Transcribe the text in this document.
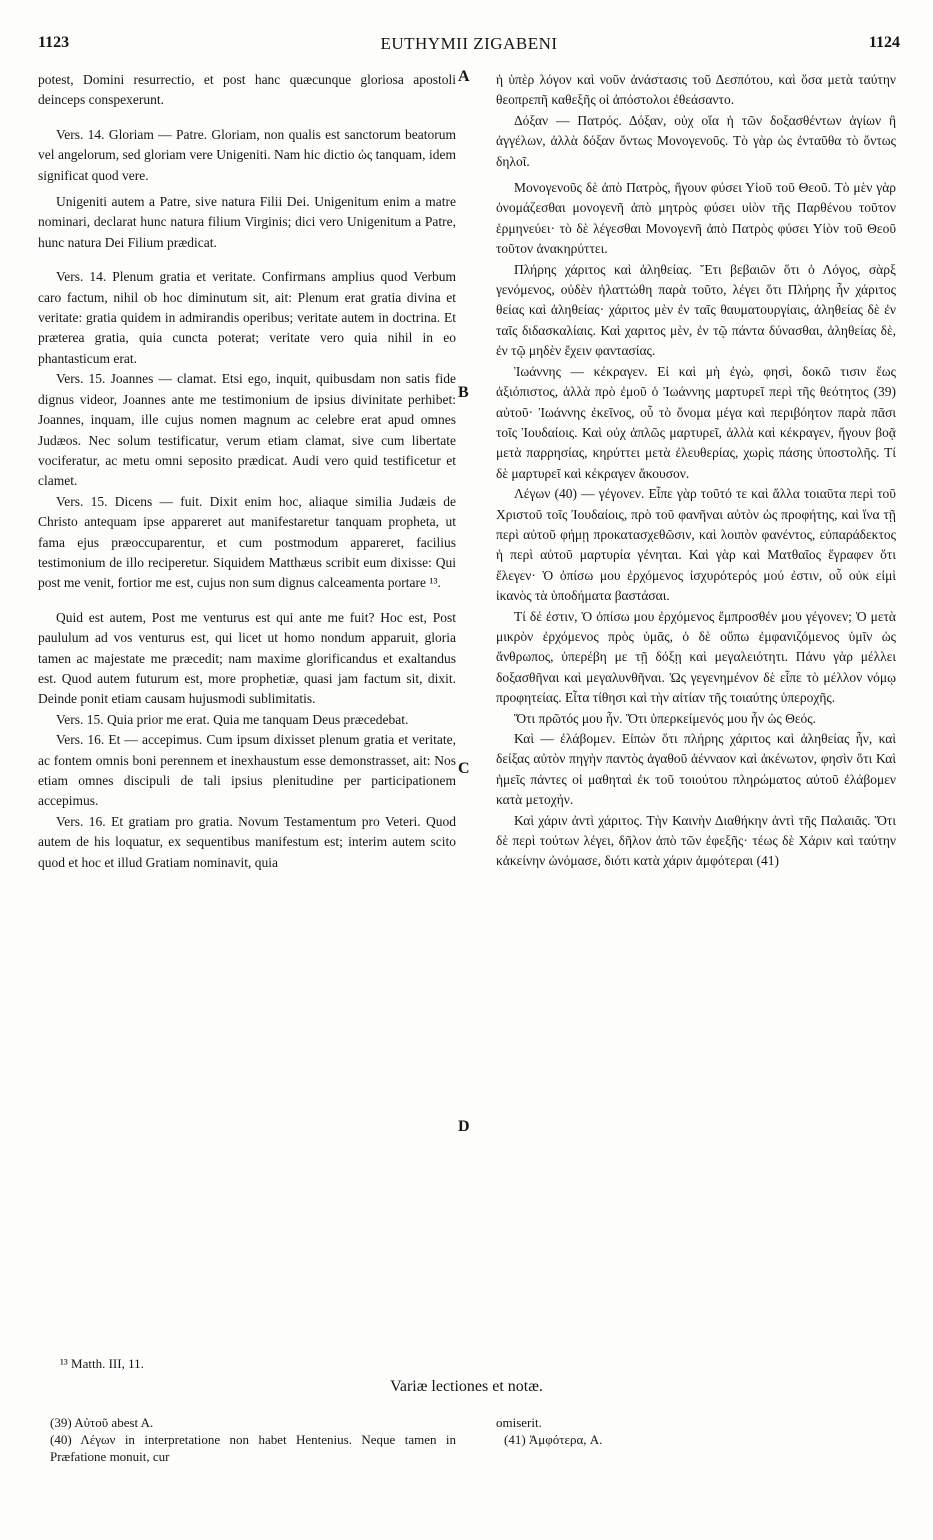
1123	EUTHYMII ZIGABENI	1124
A
B
C
D

potest, Domini resurrectio, et post hanc quæcunque gloriosa apostoli deinceps conspexerunt.

Vers. 14. Gloriam — Patre. Gloriam, non qualis est sanctorum beatorum vel angelorum, sed gloriam vere Unigeniti. Nam hic dictio ὡς tanquam, idem significat quod vere.

Unigeniti autem a Patre, sive natura Filii Dei. Unigenitum enim a matre nominari, declarat hunc natura filium Virginis; dici vero Unigenitum a Patre, hunc natura Dei Filium prædicat.

Vers. 14. Plenum gratia et veritate. Confirmans amplius quod Verbum caro factum, nihil ob hoc diminutum sit, ait: Plenum erat gratia divina et veritate: gratia quidem in admirandis operibus; veritate autem in doctrina. Et præterea gratia, quia cuncta poterat; veritate vero quia nihil in eo phantasticum erat.

Vers. 15. Joannes — clamat. Etsi ego, inquit, quibusdam non satis fide dignus videor, Joannes ante me testimonium de ipsius divinitate perhibet: Joannes, inquam, ille cujus nomen magnum ac celebre erat apud omnes Judæos. Nec solum testificatur, verum etiam clamat, sive cum libertate vociferatur, ac metu omni seposito prædicat. Audi vero quid testificetur et clamet.

Vers. 15. Dicens — fuit. Dixit enim hoc, aliaque similia Judæis de Christo antequam ipse appareret aut manifestaretur tanquam propheta, ut fama ejus præoccuparentur, et cum postmodum appareret, facilius testimonium de illo reciperetur. Siquidem Matthæus scribit eum dixisse: Qui post me venit, fortior me est, cujus non sum dignus calceamenta portare ¹³.

Quid est autem, Post me venturus est qui ante me fuit? Hoc est, Post paululum ad vos venturus est, qui licet ut homo nondum apparuit, gloria tamen ac majestate me præcedit; nam maxime glorificandus et exaltandus est. Quod autem futurum est, more prophetiæ, quasi jam factum sit, dixit. Deinde ponit etiam causam hujusmodi sublimitatis.

Vers. 15. Quia prior me erat. Quia me tanquam Deus præcedebat.

Vers. 16. Et — accepimus. Cum ipsum dixisset plenum gratia et veritate, ac fontem omnis boni perennem et inexhaustum esse demonstrasset, ait: Nos etiam omnes discipuli de tali ipsius plenitudine per participationem accepimus.

Vers. 16. Et gratiam pro gratia. Novum Testamentum pro Veteri. Quod autem de his loquatur, ex sequentibus manifestum est; interim autem scito quod et hoc et illud Gratiam nominavit, quia

ἡ ὑπὲρ λόγον καὶ νοῦν ἀνάστασις τοῦ Δεσπότου, καὶ ὅσα μετὰ ταύτην θεοπρεπῆ καθεξῆς οἱ ἀπόστολοι ἐθεάσαντο.

Δόξαν — Πατρός. Δόξαν, οὐχ οἵα ἡ τῶν δοξασθέντων ἁγίων ἢ ἀγγέλων, ἀλλὰ δόξαν ὄντως Μονογενοῦς. Τὸ γὰρ ὡς ἐνταῦθα τὸ ὄντως δηλοῖ.

Μονογενοῦς δὲ ἀπὸ Πατρὸς, ἤγουν φύσει Υἱοῦ τοῦ Θεοῦ. Τὸ μὲν γὰρ ὀνομάζεσθαι μονογενῆ ἀπὸ μητρὸς φύσει υἱὸν τῆς Παρθένου τοῦτον ἑρμηνεύει· τὸ δὲ λέγεσθαι Μονογενῆ ἀπὸ Πατρὸς φύσει Υἱὸν τοῦ Θεοῦ τοῦτον ἀνακηρύττει.

Πλήρης χάριτος καὶ ἀληθείας. Ἔτι βεβαιῶν ὅτι ὁ Λόγος, σὰρξ γενόμενος, οὐδὲν ἠλαττώθη παρὰ τοῦτο, λέγει ὅτι Πλήρης ἦν χάριτος θείας καὶ ἀληθείας· χάριτος μὲν ἐν ταῖς θαυματουργίαις, ἀληθείας δὲ ἐν ταῖς διδασκαλίαις. Καὶ χαριτος μὲν, ἐν τῷ πάντα δύνασθαι, ἀληθείας δὲ, ἐν τῷ μηδὲν ἔχειν φαντασίας.

Ἰωάννης — κέκραγεν. Εἰ καὶ μὴ ἐγὼ, φησὶ, δοκῶ τισιν ἕως ἀξιόπιστος, ἀλλὰ πρὸ ἐμοῦ ὁ Ἰωάννης μαρτυρεῖ περὶ τῆς θεότητος (39) αὐτοῦ· Ἰωάννης ἐκεῖνος, οὗ τὸ ὄνομα μέγα καὶ περιβόητον παρὰ πᾶσι τοῖς Ἰουδαίοις. Καὶ οὐχ ἁπλῶς μαρτυρεῖ, ἀλλὰ καὶ κέκραγεν, ἤγουν βοᾷ μετὰ παρρησίας, κηρύττει μετὰ ἐλευθερίας, χωρὶς πάσης ὑποστολῆς. Τί δὲ μαρτυρεῖ καὶ κέκραγεν ἄκουσον.

Λέγων (40) — γέγονεν. Εἶπε γὰρ τοῦτό τε καὶ ἄλλα τοιαῦτα περὶ τοῦ Χριστοῦ τοῖς Ἰουδαίοις, πρὸ τοῦ φανῆναι αὐτὸν ὡς προφήτης, καὶ ἵνα τῇ περὶ αὐτοῦ φήμῃ προκατασχεθῶσιν, καὶ λοιπὸν φανέντος, εὐπαράδεκτος ἡ περὶ αὐτοῦ μαρτυρία γένηται. Καὶ γὰρ καὶ Ματθαῖος ἔγραφεν ὅτι ἔλεγεν· Ὁ ὀπίσω μου ἐρχόμενος ἰσχυρότερός μού ἐστιν, οὗ οὐκ εἰμὶ ἱκανὸς τὰ ὑποδήματα βαστάσαι.

Τί δέ ἐστιν, Ὁ ὀπίσω μου ἐρχόμενος ἔμπροσθέν μου γέγονεν; Ὁ μετὰ μικρὸν ἐρχόμενος πρὸς ὑμᾶς, ὁ δὲ οὔπω ἐμφανιζόμενος ὑμῖν ὡς ἄνθρωπος, ὑπερέβη με τῇ δόξῃ καὶ μεγαλειότητι. Πάνυ γὰρ μέλλει δοξασθῆναι καὶ μεγαλυνθῆναι. Ὡς γεγενημένον δὲ εἶπε τὸ μέλλον νόμῳ προφητείας. Εἶτα τίθησι καὶ τὴν αἰτίαν τῆς τοιαύτης ὑπεροχῆς.

Ὅτι πρῶτός μου ἦν. Ὅτι ὑπερκείμενός μου ἦν ὡς Θεός.

Καὶ — ἐλάβομεν. Εἰπὼν ὅτι πλήρης χάριτος καὶ ἀληθείας ἦν, καὶ δείξας αὐτὸν πηγὴν παντὸς ἀγαθοῦ ἀένναον καὶ ἀκένωτον, φησὶν ὅτι Καὶ ἡμεῖς πάντες οἱ μαθηταὶ ἐκ τοῦ τοιούτου πληρώματος αὐτοῦ ἐλάβομεν κατὰ μετοχήν.

Καὶ χάριν ἀντὶ χάριτος. Τὴν Καινὴν Διαθήκην ἀντὶ τῆς Παλαιᾶς. Ὅτι δὲ περὶ τούτων λέγει, δῆλον ἀπὸ τῶν ἐφεξῆς· τέως δὲ Χάριν καὶ ταύτην κἀκείνην ὠνόμασε, διότι κατὰ χάριν ἀμφότεραι (41)

¹³ Matth. III, 11.
Variæ lectiones et notæ.

(39) Αὐτοῦ abest A.

(40) Λέγων in interpretatione non habet Hentenius. Neque tamen in Præfatione monuit, cur

omiserit.

(41) Ἀμφότερα, A.
